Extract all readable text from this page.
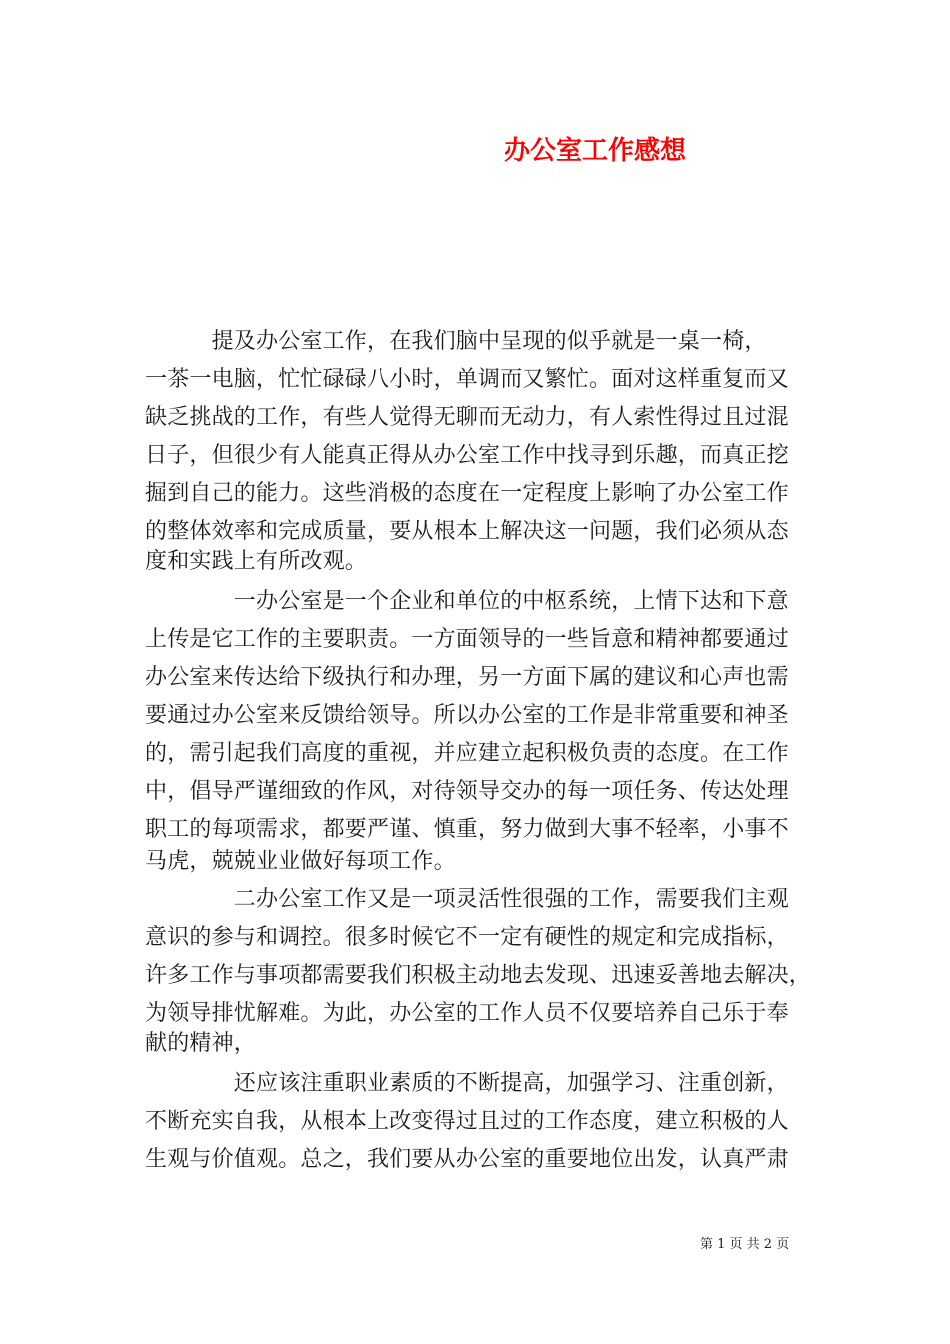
办公室工作感想
　　　提及办公室工作，在我们脑中呈现的似乎就是一桌一椅，
一茶一电脑，忙忙碌碌八小时，单调而又繁忙。面对这样重复而又
缺乏挑战的工作，有些人觉得无聊而无动力，有人索性得过且过混
日子，但很少有人能真正得从办公室工作中找寻到乐趣，而真正挖
掘到自己的能力。这些消极的态度在一定程度上影响了办公室工作
的整体效率和完成质量，要从根本上解决这一问题，我们必须从态
度和实践上有所改观。
　　　　一办公室是一个企业和单位的中枢系统，上情下达和下意
上传是它工作的主要职责。一方面领导的一些旨意和精神都要通过
办公室来传达给下级执行和办理，另一方面下属的建议和心声也需
要通过办公室来反馈给领导。所以办公室的工作是非常重要和神圣
的，需引起我们高度的重视，并应建立起积极负责的态度。在工作
中，倡导严谨细致的作风，对待领导交办的每一项任务、传达处理
职工的每项需求，都要严谨、慎重，努力做到大事不轻率，小事不
马虎，兢兢业业做好每项工作。
　　　　二办公室工作又是一项灵活性很强的工作，需要我们主观
意识的参与和调控。很多时候它不一定有硬性的规定和完成指标，
许多工作与事项都需要我们积极主动地去发现、迅速妥善地去解决，
为领导排忧解难。为此，办公室的工作人员不仅要培养自己乐于奉
献的精神，
　　　　还应该注重职业素质的不断提高，加强学习、注重创新，
不断充实自我，从根本上改变得过且过的工作态度，建立积极的人
生观与价值观。总之，我们要从办公室的重要地位出发，认真严肃
第 1 页 共 2 页
